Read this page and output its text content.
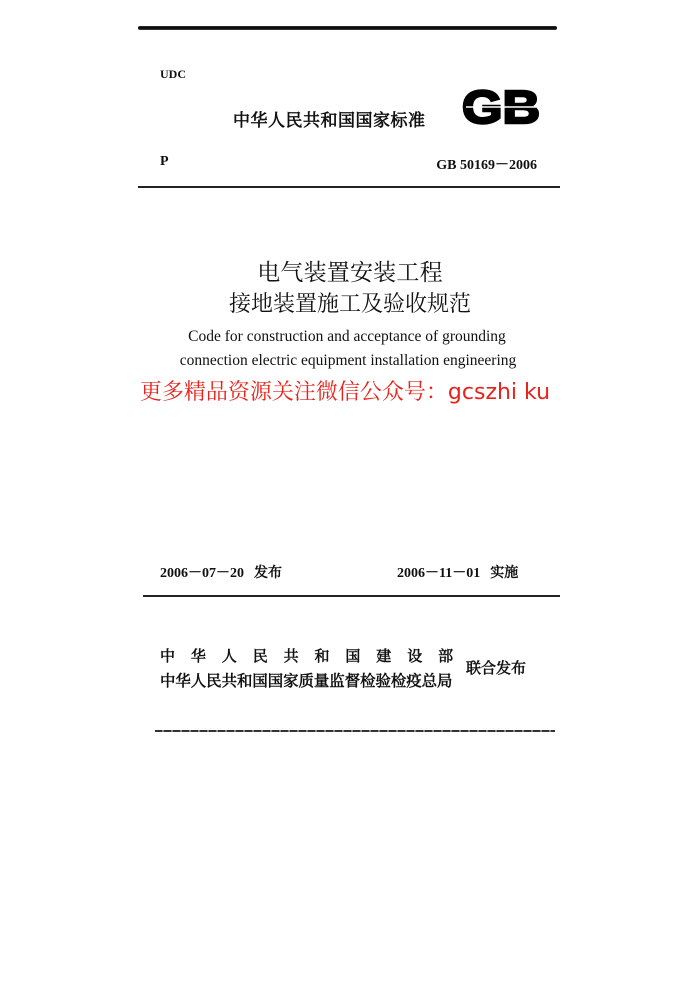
UDC
中华人民共和国国家标准 GB
P	GB 50169－2006
电气装置安装工程
接地装置施工及验收规范
Code for construction and acceptance of grounding
connection electric equipment installation engineering
更多精品资源关注微信公众号：gcszhi ku
2006－07－20 发布	2006－11－01 实施
中华人民共和国建设部
中华人民共和国国家质量监督检验检疫总局
联合发布
